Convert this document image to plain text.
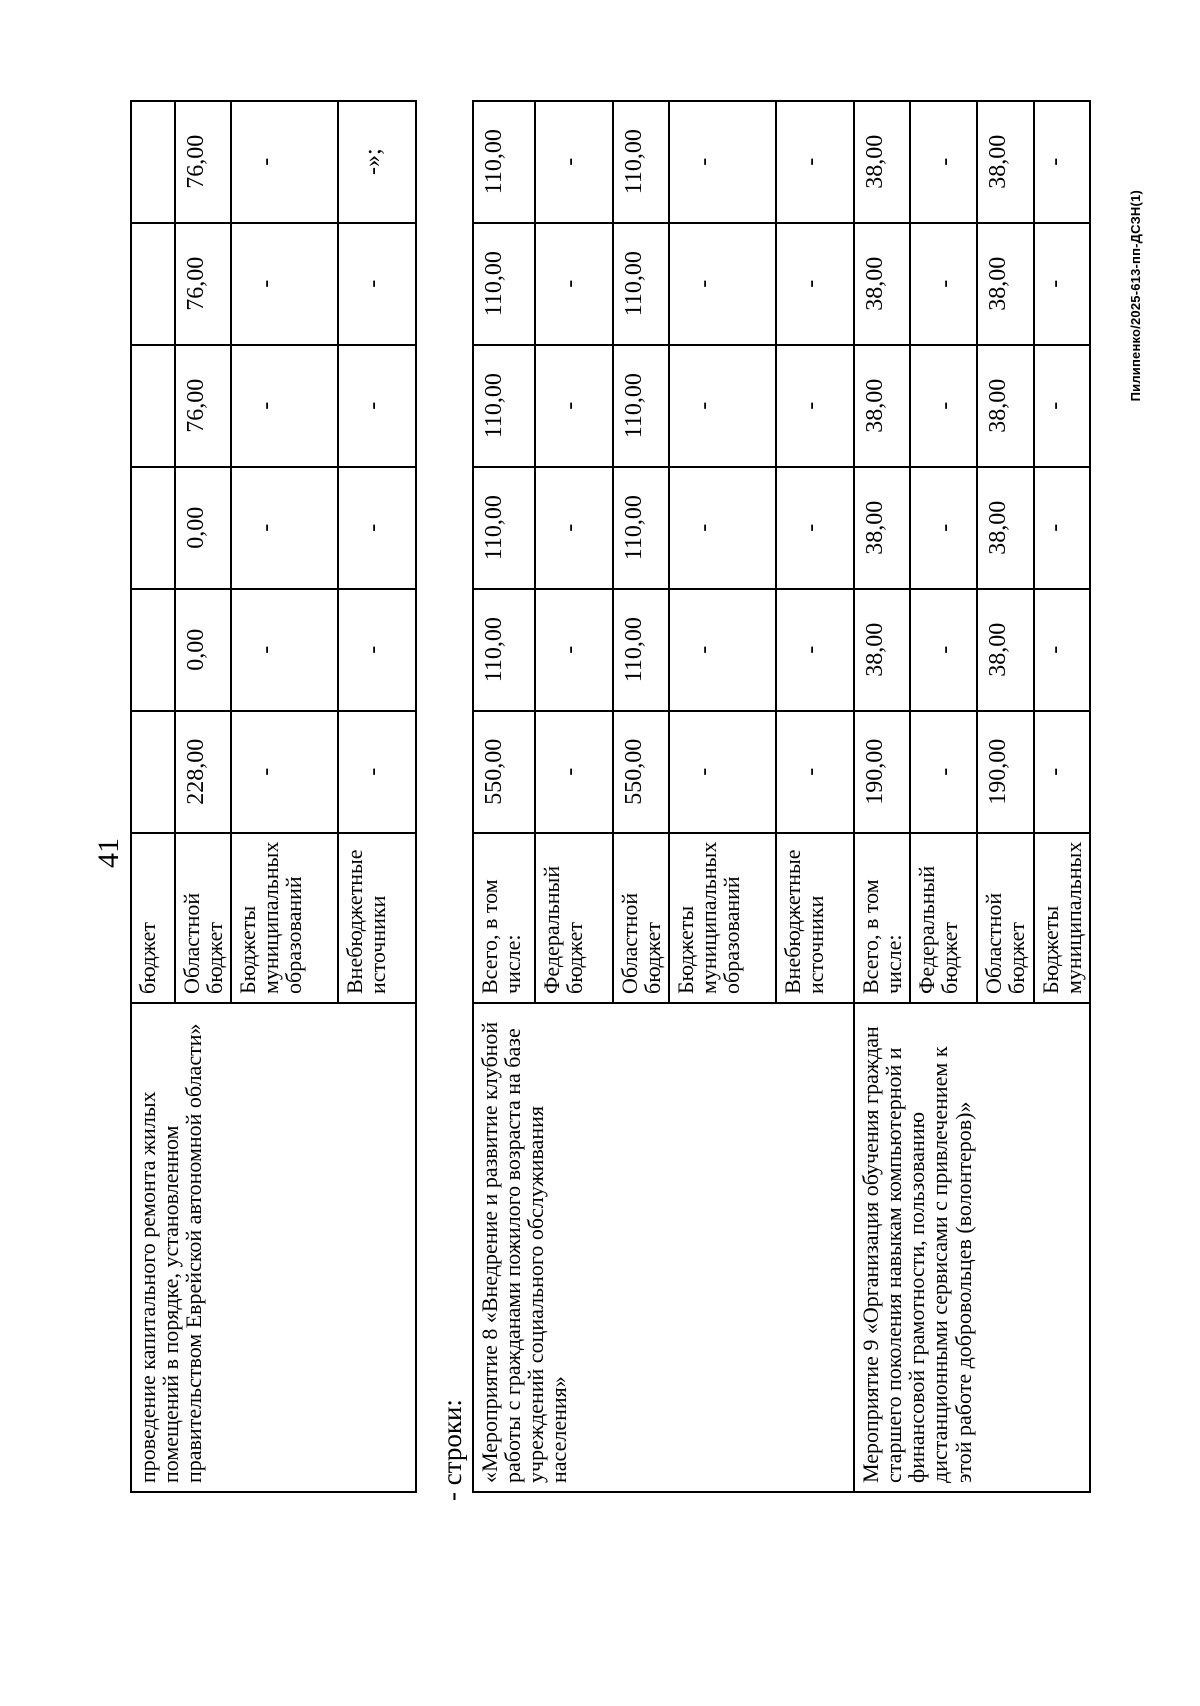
41
проведение капитального ремонта жилых помещений в порядке, установленном правительством Еврейской автономной области»	бюджет						
	Областной бюджет	228,00	0,00	0,00	76,00	76,00	76,00
	Бюджеты муниципальных образований	-	-	-	-	-	-
	Внебюджетные источники	-	-	-	-	-	-»;
- строки: «Мероприятие 8 «Внедрение и развитие клубной работы с гражданами пожилого возраста на базе учреждений социального обслуживания населения»	Всего, в том числе:	550,00	110,00	110,00	110,00	110,00	110,00
	Федеральный бюджет	-	-	-	-	-	-
	Областной бюджет	550,00	110,00	110,00	110,00	110,00	110,00
	Бюджеты муниципальных образований	-	-	-	-	-	-
	Внебюджетные источники	-	-	-	-	-	-
Мероприятие 9 «Организация обучения граждан старшего поколения навыкам компьютерной и финансовой грамотности, пользованию дистанционными сервисами с привлечением к этой работе добровольцев (волонтеров)»	Всего, в том числе:	190,00	38,00	38,00	38,00	38,00	38,00
	Федеральный бюджет	-	-	-	-	-	-
	Областной бюджет	190,00	38,00	38,00	38,00	38,00	38,00
	Бюджеты муниципальных	-	-	-	-	-	-
Пилипенко/2025-613-пп-ДСЗН(1)
